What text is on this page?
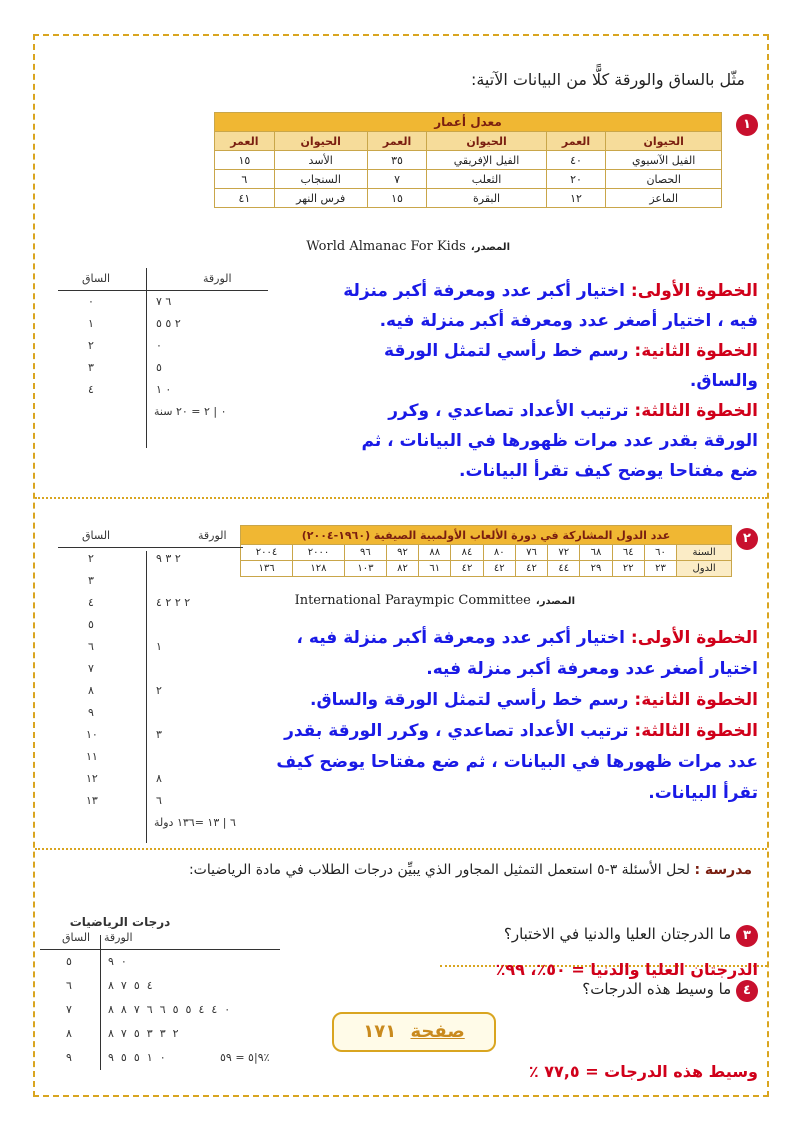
مثّل بالساق والورقة كلًّا من البيانات الآتية:
١
معدل أعمار					
الحيوان	العمر	الحيوان	العمر	الحيوان	العمر
الفيل الآسيوي	٤٠	الفيل الإفريقي	٣٥	الأسد	١٥
الحصان	٢٠	الثعلب	٧	السنجاب	٦
الماعز	١٢	البقرة	١٥	فرس النهر	٤١
المصدر، World Almanac For Kids
الساق	الورقة
٠	٦ ٧
١	٢ ٥ ٥
٢	٠
٣	٥
٤	٠ ١
٠ | ٢ = ٢٠ سنة
الخطوة الأولى: اختيار أكبر عدد ومعرفة أكبر منزلة فيه ، اختيار أصغر عدد ومعرفة أكبر منزلة فيه.
الخطوة الثانية: رسم خط رأسي لتمثل الورقة والساق.
الخطوة الثالثة: ترتيب الأعداد تصاعدي ، وكرر الورقة بقدر عدد مرات ظهورها في البيانات ، ثم ضع مفتاحا يوضح كيف تقرأ البيانات.
٢
عدد الدول المشاركة في دورة الألعاب الأولمبية الصيفية (١٩٦٠-٢٠٠٤)												
السنة	٦٠	٦٤	٦٨	٧٢	٧٦	٨٠	٨٤	٨٨	٩٢	٩٦	٢٠٠٠	٢٠٠٤
الدول	٢٣	٢٢	٢٩	٤٤	٤٢	٤٢	٤٢	٦١	٨٢	١٠٣	١٢٨	١٣٦
المصدر، International Paraympic Committee
الساق	الورقة
٢	٢ ٣ ٩
٣
٤	٢ ٢ ٢ ٤
٥
٦	١
٧
٨	٢
٩
١٠	٣
١١
١٢	٨
١٣	٦
٦ | ١٣ =١٣٦ دولة
الخطوة الأولى: اختيار أكبر عدد ومعرفة أكبر منزلة فيه ، اختيار أصغر عدد ومعرفة أكبر منزلة فيه.
الخطوة الثانية: رسم خط رأسي لتمثل الورقة والساق.
الخطوة الثالثة: ترتيب الأعداد تصاعدي ، وكرر الورقة بقدر عدد مرات ظهورها في البيانات ، ثم ضع مفتاحا يوضح كيف تقرأ البيانات.
مدرسة : لحل الأسئلة ٣-٥ استعمل التمثيل المجاور الذي يبيِّن درجات الطلاب في مادة الرياضيات:
درجات الرياضيات
الساق الورقة
٥	٠  ٩
٦	٤  ٥  ٧  ٨
٧	٠  ٤  ٤  ٥  ٥  ٦  ٦  ٧  ٨  ٨
٨	٢  ٣  ٣  ٥  ٧  ٨
٩	٠  ١  ٥  ٥  ٩	٩|٥ = ٥٩٪
٣ ما الدرجتان العليا والدنيا في الاختبار؟
الدرجتان العليا والدنيا = ٥٠٪، ٩٩٪
٤ ما وسيط هذه الدرجات؟
وسيط هذه الدرجات = ٧٧,٥ ٪
صفحة ١٧١
